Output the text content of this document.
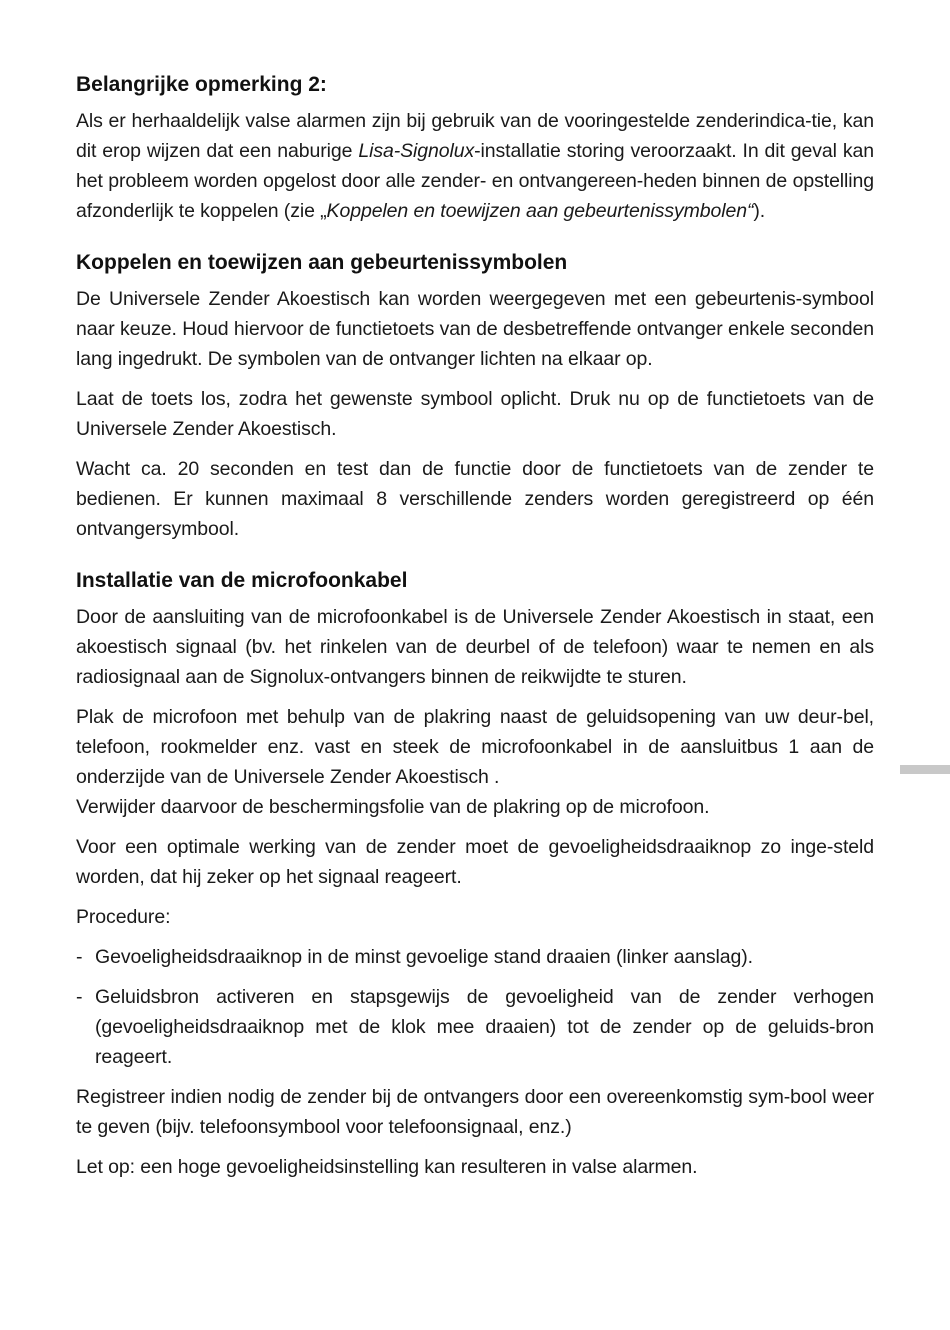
Belangrijke opmerking 2:

Als er herhaaldelijk valse alarmen zijn bij gebruik van de vooringestelde zenderindica-tie, kan dit erop wijzen dat een naburige Lisa-Signolux-installatie storing veroorzaakt. In dit geval kan het probleem worden opgelost door alle zender- en ontvangereen-heden binnen de opstelling afzonderlijk te koppelen (zie „Koppelen en toewijzen aan gebeurtenissymbolen“).

Koppelen en toewijzen aan gebeurtenissymbolen

De Universele Zender Akoestisch kan worden weergegeven met een gebeurtenis-symbool naar keuze. Houd hiervoor de functietoets van de desbetreffende ontvanger enkele seconden lang ingedrukt. De symbolen van de ontvanger lichten na elkaar op.

Laat de toets los, zodra het gewenste symbool oplicht. Druk nu op de functietoets van de Universele Zender Akoestisch.

Wacht ca. 20 seconden en test dan de functie door de functietoets van de zender te bedienen. Er kunnen maximaal 8 verschillende zenders worden geregistreerd op één ontvangersymbool.

Installatie van de microfoonkabel

Door de aansluiting van de microfoonkabel is de Universele Zender Akoestisch in staat, een akoestisch signaal (bv. het rinkelen van de deurbel of de telefoon) waar te nemen en als radiosignaal aan de Signolux-ontvangers binnen de reikwijdte te sturen.

Plak de microfoon met behulp van de plakring naast de geluidsopening van uw deur-bel, telefoon, rookmelder enz. vast en steek de microfoonkabel in de aansluitbus 1 aan de onderzijde van de Universele Zender Akoestisch .
Verwijder daarvoor de beschermingsfolie van de plakring op de microfoon.

Voor een optimale werking van de zender moet de gevoeligheidsdraaiknop zo inge-steld worden, dat hij zeker op het signaal reageert.

Procedure:

- Gevoeligheidsdraaiknop in de minst gevoelige stand draaien (linker aanslag).

- Geluidsbron activeren en stapsgewijs de gevoeligheid van de zender verhogen (gevoeligheidsdraaiknop met de klok mee draaien) tot de zender op de geluids-bron reageert.

Registreer indien nodig de zender bij de ontvangers door een overeenkomstig sym-bool weer te geven (bijv. telefoonsymbool voor telefoonsignaal, enz.)

Let op: een hoge gevoeligheidsinstelling kan resulteren in valse alarmen.
